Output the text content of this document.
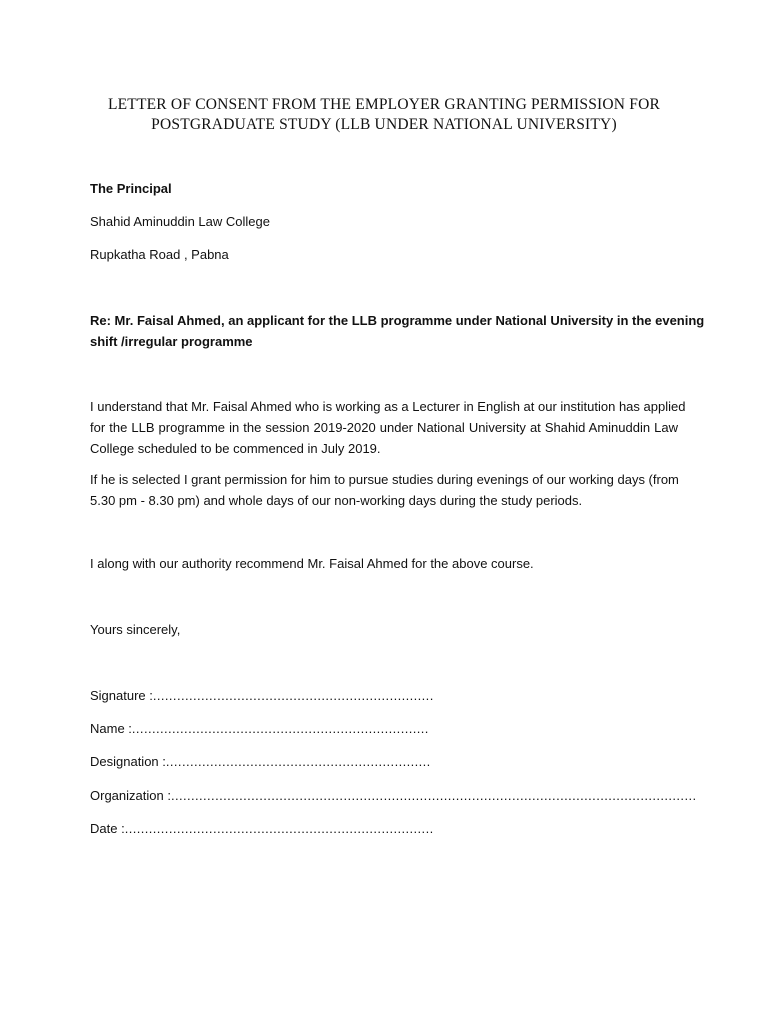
LETTER OF CONSENT FROM THE EMPLOYER GRANTING PERMISSION FOR
POSTGRADUATE STUDY (LLB UNDER NATIONAL UNIVERSITY)
The Principal
Shahid Aminuddin Law College
Rupkatha Road , Pabna
Re: Mr. Faisal Ahmed, an applicant for the LLB programme under National University in the evening
shift /irregular programme
I understand that Mr. Faisal Ahmed who is working as a Lecturer in English at our institution has applied
for the LLB programme in the session 2019-2020 under National University at Shahid Aminuddin Law
College scheduled to be commenced in July 2019.
If he is selected I grant permission for him to pursue studies during evenings of our working days (from
5.30 pm - 8.30 pm) and whole days of our non-working days during the study periods.
I along with our authority recommend Mr. Faisal Ahmed for the above course.
Yours sincerely,
Signature :......................................................................
Name :..........................................................................
Designation :..................................................................
Organization :...................................................................................................................................
Date :.............................................................................
